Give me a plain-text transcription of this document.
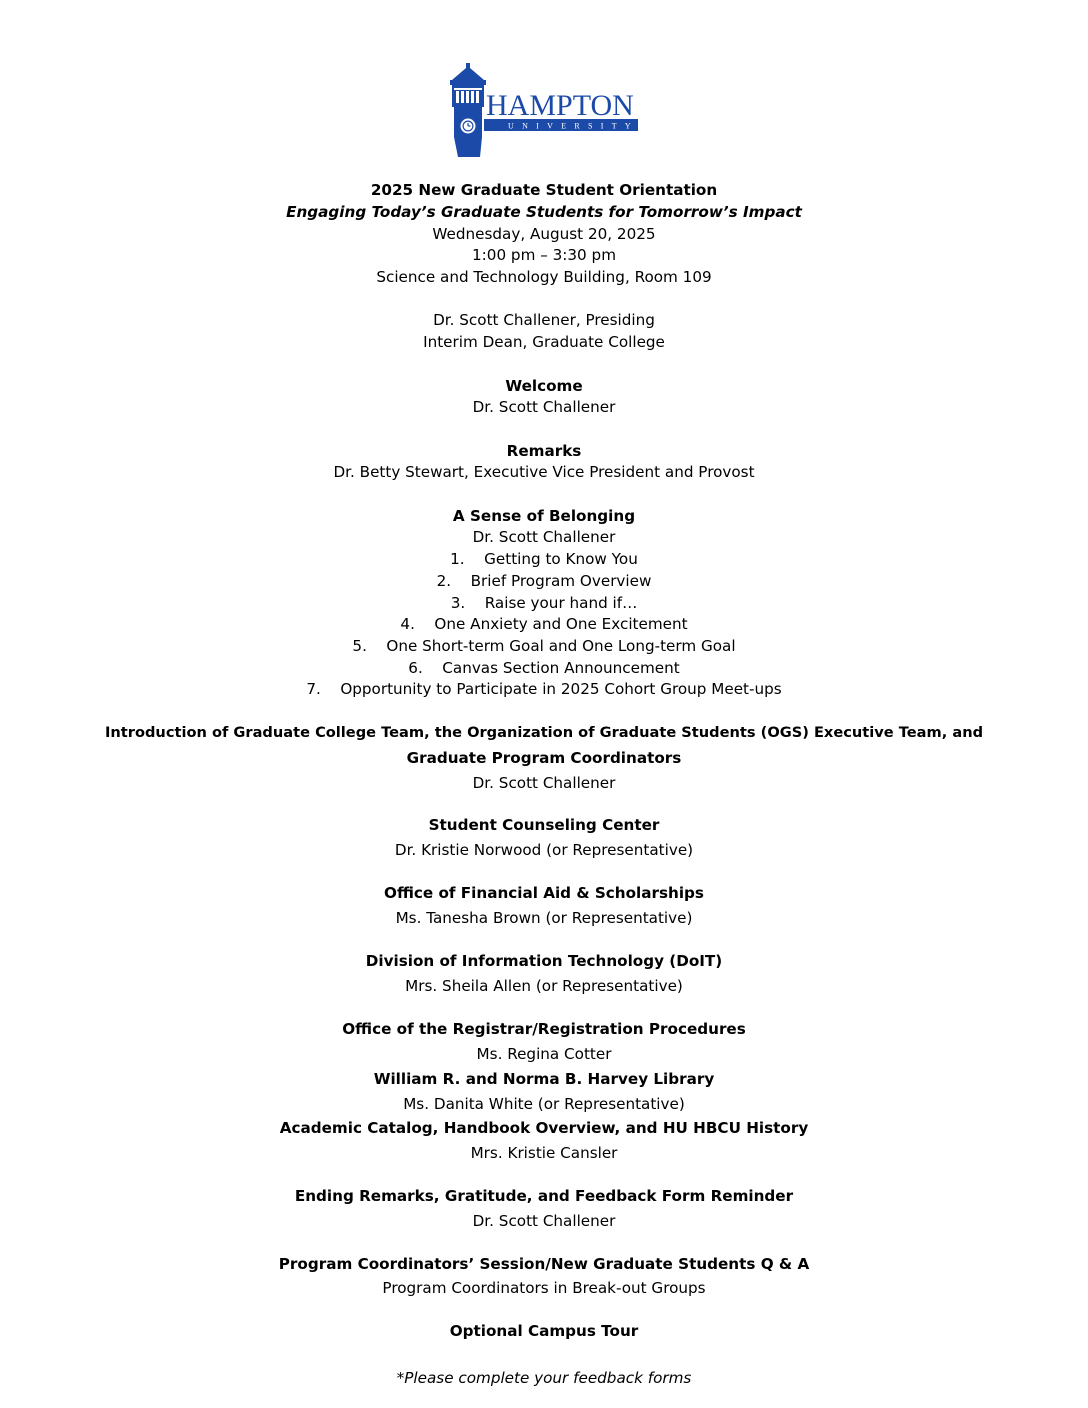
HAMPTON
UNIVERSITY
2025 New Graduate Student Orientation
Engaging Today’s Graduate Students for Tomorrow’s Impact
Wednesday, August 20, 2025
1:00 pm – 3:30 pm
Science and Technology Building, Room 109
Dr. Scott Challener, Presiding
Interim Dean, Graduate College
Welcome
Dr. Scott Challener
Remarks
Dr. Betty Stewart, Executive Vice President and Provost
A Sense of Belonging
Dr. Scott Challener
1. Getting to Know You
2. Brief Program Overview
3. Raise your hand if…
4. One Anxiety and One Excitement
5. One Short-term Goal and One Long-term Goal
6. Canvas Section Announcement
7. Opportunity to Participate in 2025 Cohort Group Meet-ups
Introduction of Graduate College Team, the Organization of Graduate Students (OGS) Executive Team, and
Graduate Program Coordinators
Dr. Scott Challener
Student Counseling Center
Dr. Kristie Norwood (or Representative)
Office of Financial Aid & Scholarships
Ms. Tanesha Brown (or Representative)
Division of Information Technology (DoIT)
Mrs. Sheila Allen (or Representative)
Office of the Registrar/Registration Procedures
Ms. Regina Cotter
William R. and Norma B. Harvey Library
Ms. Danita White (or Representative)
Academic Catalog, Handbook Overview, and HU HBCU History
Mrs. Kristie Cansler
Ending Remarks, Gratitude, and Feedback Form Reminder
Dr. Scott Challener
Program Coordinators’ Session/New Graduate Students Q & A
Program Coordinators in Break-out Groups
Optional Campus Tour
*Please complete your feedback forms
